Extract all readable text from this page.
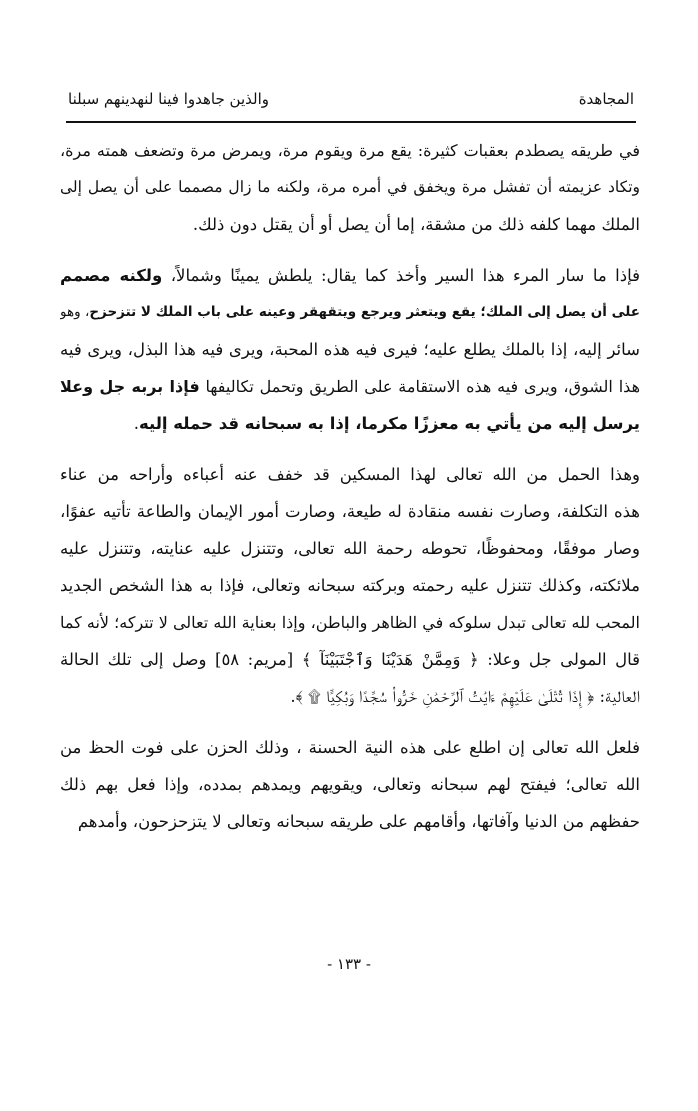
المجاهدة
والذين جاهدوا فينا لنهدينهم سبلنا
في طريقه يصطدم بعقبات كثيرة: يقع مرة ويقوم مرة، ويمرض مرة وتضعف همته مرة،
وتكاد عزيمته أن تفشل مرة ويخفق في أمره مرة، ولكنه ما زال مصمما على أن يصل إلى
الملك مهما كلفه ذلك من مشقة، إما أن يصل أو أن يقتل دون ذلك.
فإذا ما سار المرء هذا السير وأخذ كما يقال: يلطش يمينًا وشمالاً، ولكنه مصمم
على أن يصل إلى الملك؛ يقع ويتعثر ويرجع ويتقهقر وعينه على باب الملك لا تتزحزح، وهو
سائر إليه، إذا بالملك يطلع عليه؛ فيرى فيه هذه المحبة، ويرى فيه هذا البذل، ويرى فيه
هذا الشوق، ويرى فيه هذه الاستقامة على الطريق وتحمل تكاليفها فإذا بربه جل وعلا
يرسل إليه من يأتي به معززًا مكرما، إذا به سبحانه قد حمله إليه.
وهذا الحمل من الله تعالى لهذا المسكين قد خفف عنه أعباءه وأراحه من عناء
هذه التكلفة، وصارت نفسه منقادة له طيعة، وصارت أمور الإيمان والطاعة تأتيه عفوًا،
وصار موفقًا، ومحفوظًا، تحوطه رحمة الله تعالى، وتتنزل عليه عنايته، وتتنزل عليه
ملائكته، وكذلك تتنزل عليه رحمته وبركته سبحانه وتعالى، فإذا به هذا الشخص الجديد
المحب لله تعالى تبدل سلوكه في الظاهر والباطن، وإذا بعناية الله تعالى لا تتركه؛ لأنه كما
قال المولى جل وعلا: ﴿ وَمِمَّنْ هَدَيْنَا وَٱجْتَبَيْنَآ ﴾ [مريم: ٥٨] وصل إلى تلك الحالة
العالية: ﴿ إِذَا تُتْلَىٰ عَلَيْهِمْ ءَايَٰتُ ٱلرَّحْمَٰنِ خَرُّوا۟ سُجَّدًا وَبُكِيًّا ۩ ﴾.
فلعل الله تعالى إن اطلع على هذه النية الحسنة ، وذلك الحزن على فوت الحظ من
الله تعالى؛ فيفتح لهم سبحانه وتعالى، ويقويهم ويمدهم بمدده، وإذا فعل بهم ذلك
حفظهم من الدنيا وآفاتها، وأقامهم على طريقه سبحانه وتعالى لا يتزحزحون، وأمدهم
- ١٣٣ -
